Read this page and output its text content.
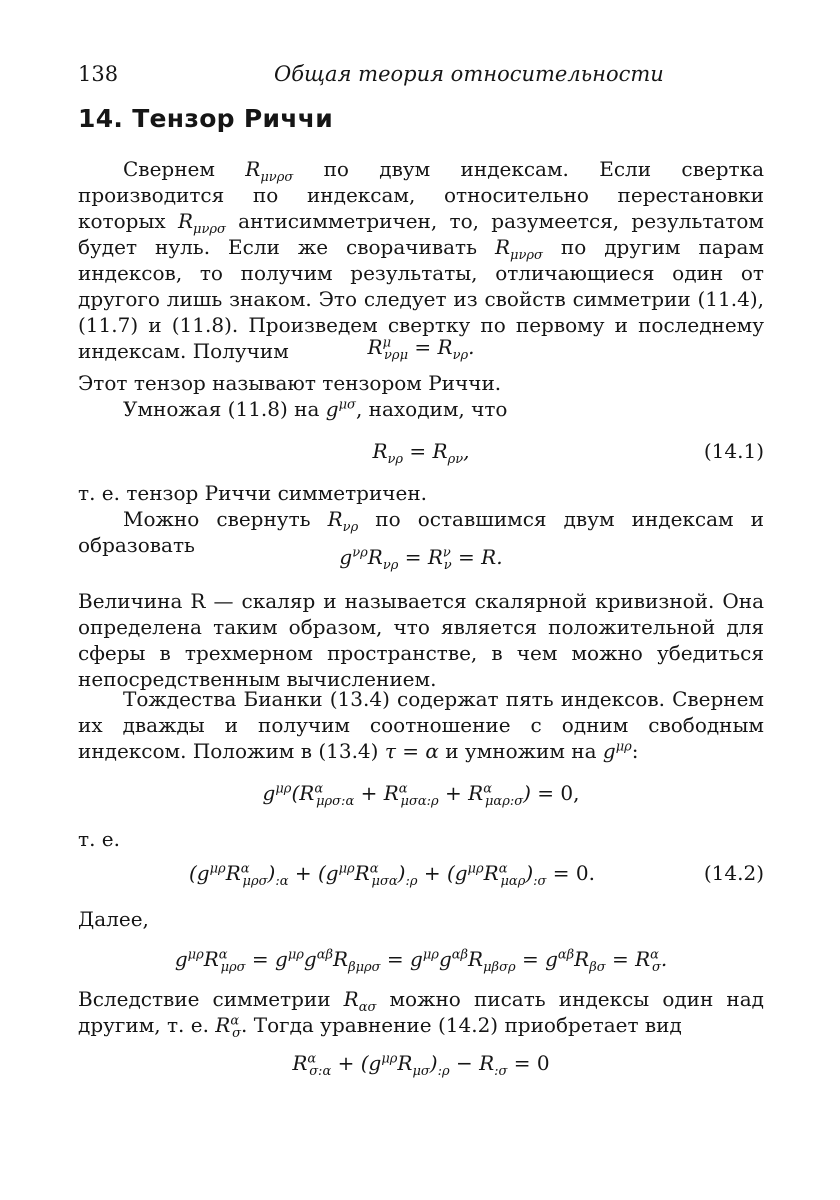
138	Общая теория относительности
14. Тензор Риччи
Свернем $R_{\mu\nu\rho\sigma}$ по двум индексам. Если свертка производится по индексам, относительно перестановки которых $R_{\mu\nu\rho\sigma}$ антисимметричен, то, разумеется, результатом будет нуль. Если же сворачивать $R_{\mu\nu\rho\sigma}$ по другим парам индексов, то получим результаты, отличающиеся один от другого лишь знаком. Это следует из свойств симметрии (11.4), (11.7) и (11.8). Произведем свертку по первому и последнему индексам. Получим	$R^\mu_{\nu\rho\mu} = R_{\nu\rho}$.
Этот тензор называют тензором Риччи.
Умножая (11.8) на $g^{\mu\sigma}$, находим, что
$R_{\nu\rho} = R_{\rho\nu}$,	(14.1)
т. е. тензор Риччи симметричен.
Можно свернуть $R_{\nu\rho}$ по оставшимся двум индексам и образовать	$g^{\nu\rho}R_{\nu\rho} = R^\nu_\nu = R$.
Величина R — скаляр и называется скалярной кривизной. Она определена таким образом, что является положительной для сферы в трехмерном пространстве, в чем можно убедиться непосредственным вычислением.
Тождества Бианки (13.4) содержат пять индексов. Свернем их дважды и получим соотношение с одним свободным индексом. Положим в (13.4) τ = α и умножим на $g^{\mu\rho}$:
$g^{\mu\rho}(R^\alpha_{\mu\rho\sigma:\alpha} + R^\alpha_{\mu\sigma\alpha:\rho} + R^\alpha_{\mu\alpha\rho:\sigma}) = 0$,
т. е.
$(g^{\mu\rho}R^\alpha_{\mu\rho\sigma})_{:\alpha} + (g^{\mu\rho}R^\alpha_{\mu\sigma\alpha})_{:\rho} + (g^{\mu\rho}R^\alpha_{\mu\alpha\rho})_{:\sigma} = 0$.	(14.2)
Далее,
$g^{\mu\rho}R^\alpha_{\mu\rho\sigma} = g^{\mu\rho}g^{\alpha\beta}R_{\beta\mu\rho\sigma} = g^{\mu\rho}g^{\alpha\beta}R_{\mu\beta\sigma\rho} = g^{\alpha\beta}R_{\beta\sigma} = R^\alpha_\sigma$.
Вследствие симметрии $R_{\alpha\sigma}$ можно писать индексы один над другим, т. е. $R^\alpha_\sigma$. Тогда уравнение (14.2) приобретает вид
$R^\alpha_{\sigma:\alpha} + (g^{\mu\rho}R_{\mu\sigma})_{:\rho} - R_{:\sigma} = 0$
